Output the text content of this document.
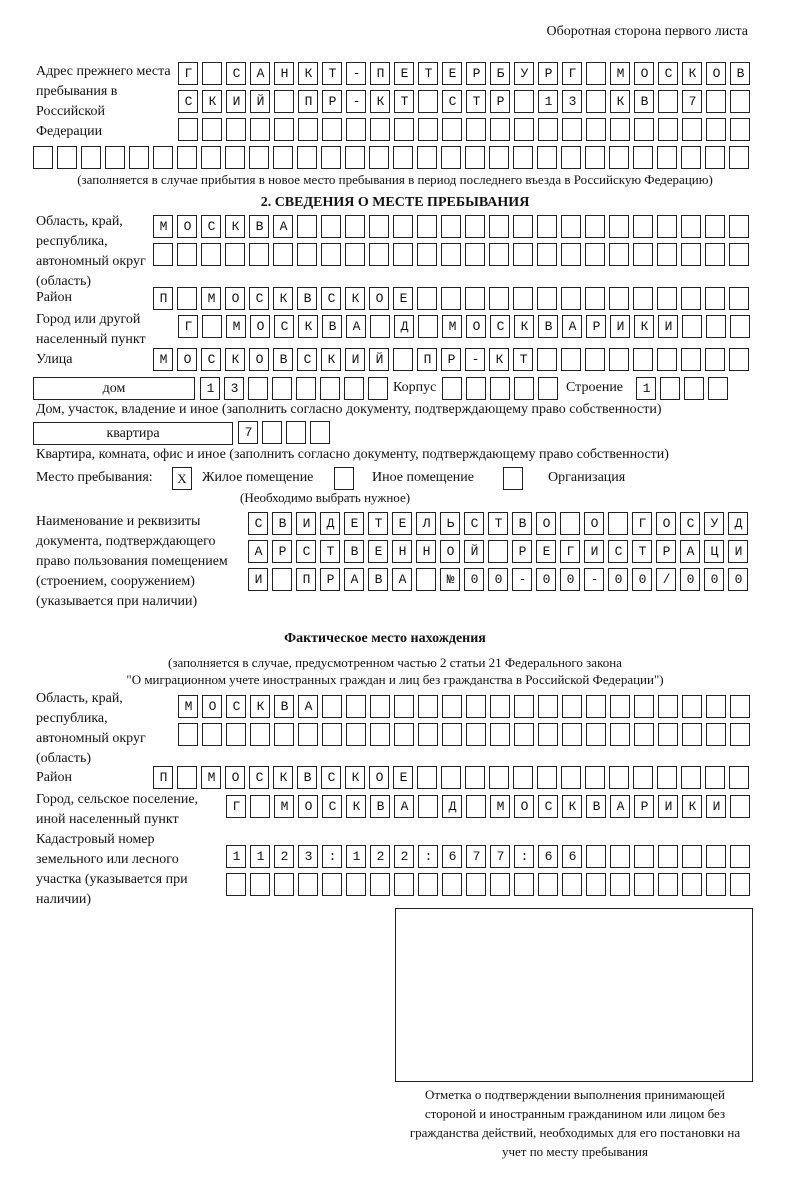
Оборотная сторона первого листа
Адрес прежнего места пребывания в Российской Федерации
Г САНКТ-ПЕТЕРБУРГ МОСКОВ
СКИЙ ПР-КТ СТР 13 КВ 7
(заполняется в случае прибытия в новое место пребывания в период последнего въезда в Российскую Федерацию)
2. СВЕДЕНИЯ О МЕСТЕ ПРЕБЫВАНИЯ
Область, край, республика, автономный округ (область)
МОСКВА
Район	П МОСКВСКОЕ
Город или другой населенный пункт
Г МОСКВА Д МОСКВАРИКИ
Улица	МОСКОВСКИЙ ПР-КТ
дом	13	Корпус	Строение	1
Дом, участок, владение и иное (заполнить согласно документу, подтверждающему право собственности)
квартира	7
Квартира, комната, офис и иное (заполнить согласно документу, подтверждающему право собственности)
Место пребывания:	X	Жилое помещение	Иное помещение	Организация
(Необходимо выбрать нужное)
Наименование и реквизиты документа, подтверждающего право пользования помещением (строением, сооружением) (указывается при наличии)
СВИДЕТЕЛЬСТВО О ГОСУД
АРСТВЕННОЙ РЕГИСТРАЦИ
И ПРАВА №00-00-00/000
Фактическое место нахождения
(заполняется в случае, предусмотренном частью 2 статьи 21 Федерального закона
"О миграционном учете иностранных граждан и лиц без гражданства в Российской Федерации")
Область, край, республика, автономный округ (область)
МОСКВА
Район	П МОСКВСКОЕ
Город, сельское поселение, иной населенный пункт
Г МОСКВА Д МОСКВАРИКИ
Кадастровый номер земельного или лесного участка (указывается при наличии)
1123:122:677:66
Отметка о подтверждении выполнения принимающей стороной и иностранным гражданином или лицом без гражданства действий, необходимых для его постановки на учет по месту пребывания
